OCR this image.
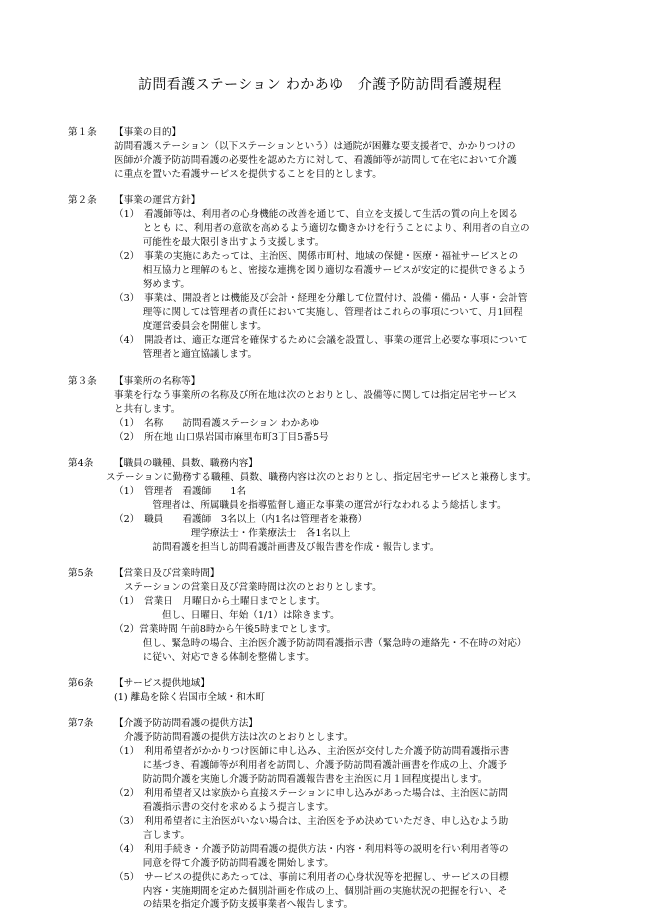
訪問看護ステーション わかあゆ　介護予防訪問看護規程
第１条 【事業の目的】
訪問看護ステーション（以下ステーションという）は通院が困難な要支援者で、かかりつけの
医師が介護予防訪問看護の必要性を認めた方に対して、看護師等が訪問して在宅において介護
に重点を置いた看護サービスを提供することを目的とします。
第２条 【事業の運営方針】
（1）　看護師等は、利用者の心身機能の改善を通じて、自立を支援して生活の質の向上を図る
　　　ととも に、利用者の意欲を高めるよう適切な働きかけを行うことにより、利用者の自立の
　　　可能性を最大限引き出すよう支援します。
（2）　事業の実施にあたっては、主治医、関係市町村、地域の保健・医療・福祉サービスとの
　　　相互協力と理解のもと、密接な連携を図り適切な看護サービスが安定的に提供できるよう
　　　努めます。
（3）　事業は、開設者とは機能及び会計・経理を分離して位置付け、設備・備品・人事・会計管
　　　理等に関しては管理者の責任において実施し、管理者はこれらの事項について、月1回程
　　　度運営委員会を開催します。
（4）　開設者は、適正な運営を確保するために会議を設置し、事業の運営上必要な事項について
　　　管理者と適宜協議します。
第３条 【事業所の名称等】
事業を行なう事業所の名称及び所在地は次のとおりとし、設備等に関しては指定居宅サービス
と共有します。
（1）　名称　　訪問看護ステーション わかあゆ
（2）　所在地 山口県岩国市麻里布町3丁目5番5号
第4条 【職員の職種、員数、職務内容】
ステーションに勤務する職種、員数、職務内容は次のとおりとし、指定居宅サービスと兼務します。
（1）　管理者　看護師　　1名
　　　　管理者は、所属職員を指導監督し適正な事業の運営が行なわれるよう総括します。
（2）　職員　　看護師　3名以上（内1名は管理者を兼務）
　　　　　　　　理学療法士・作業療法士　各1名以上
　　　　訪問看護を担当し訪問看護計画書及び報告書を作成・報告します。
第5条 【営業日及び営業時間】
ステーションの営業日及び営業時間は次のとおりとします。
（1）　営業日　月曜日から土曜日までとします。
　　　　　但し、日曜日、年始（1/1）は除きます。
（2）営業時間 午前8時から午後5時までとします。
　　　但し、緊急時の場合、主治医介護予防訪問看護指示書（緊急時の連絡先・不在時の対応）
　　　に従い、対応できる体制を整備します。
第6条 【サービス提供地域】
(1) 離島を除く岩国市全域・和木町
第7条 【介護予防訪問看護の提供方法】
介護予防訪問看護の提供方法は次のとおりとします。
（1）　利用希望者がかかりつけ医師に申し込み、主治医が交付した介護予防訪問看護指示書
　　　に基づき、看護師等が利用者を訪問し、介護予防訪問看護計画書を作成の上、介護予
　　　防訪問介護を実施し介護予防訪問看護報告書を主治医に月１回程度提出します。
（2）　利用希望者又は家族から直接ステーションに申し込みがあった場合は、主治医に訪問
　　　看護指示書の交付を求めるよう提言します。
（3）　利用希望者に主治医がいない場合は、主治医を予め決めていただき、申し込むよう助
　　　言します。
（4）　利用手続き・介護予防訪問看護の提供方法・内容・利用料等の説明を行い利用者等の
　　　同意を得て介護予防訪問看護を開始します。
（5）　サービスの提供にあたっては、事前に利用者の心身状況等を把握し、サービスの目標
　　　内容・実施期間を定めた個別計画を作成の上、個別計画の実施状況の把握を行い、そ
　　　の結果を指定介護予防支援事業者へ報告します。
